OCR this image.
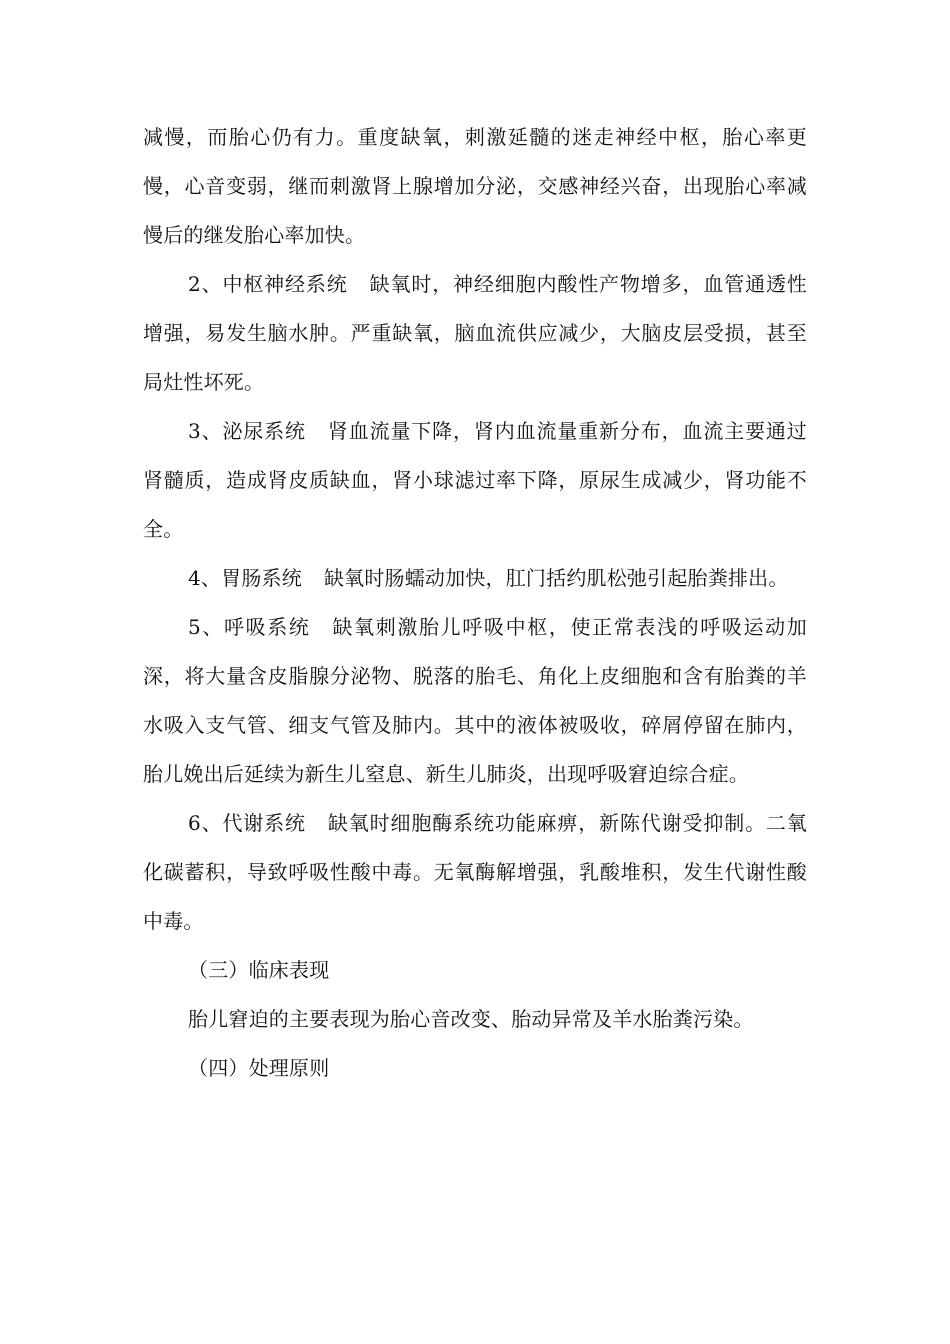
减慢，而胎心仍有力。重度缺氧，刺激延髓的迷走神经中枢，胎心率更慢，心音变弱，继而刺激肾上腺增加分泌，交感神经兴奋，出现胎心率减慢后的继发胎心率加快。

2、中枢神经系统 缺氧时，神经细胞内酸性产物增多，血管通透性增强，易发生脑水肿。严重缺氧，脑血流供应减少，大脑皮层受损，甚至局灶性坏死。

3、泌尿系统 肾血流量下降，肾内血流量重新分布，血流主要通过肾髓质，造成肾皮质缺血，肾小球滤过率下降，原尿生成减少，肾功能不全。

4、胃肠系统 缺氧时肠蠕动加快，肛门括约肌松弛引起胎粪排出。

5、呼吸系统 缺氧刺激胎儿呼吸中枢，使正常表浅的呼吸运动加深，将大量含皮脂腺分泌物、脱落的胎毛、角化上皮细胞和含有胎粪的羊水吸入支气管、细支气管及肺内。其中的液体被吸收，碎屑停留在肺内，胎儿娩出后延续为新生儿窒息、新生儿肺炎，出现呼吸窘迫综合症。

6、代谢系统 缺氧时细胞酶系统功能麻痹，新陈代谢受抑制。二氧化碳蓄积，导致呼吸性酸中毒。无氧酶解增强，乳酸堆积，发生代谢性酸中毒。

（三）临床表现

胎儿窘迫的主要表现为胎心音改变、胎动异常及羊水胎粪污染。

（四）处理原则
